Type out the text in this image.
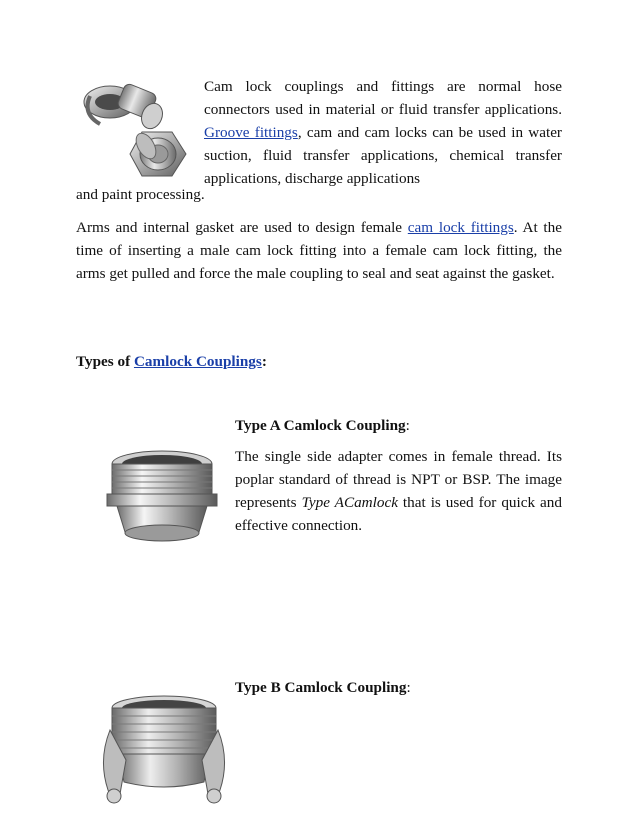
Cam lock couplings and fittings are normal hose connectors used in material or fluid transfer applications. Groove fittings, cam and cam locks can be used in water suction, fluid transfer applications, chemical transfer applications, discharge applications
and paint processing.
Arms and internal gasket are used to design female cam lock fittings. At the time of inserting a male cam lock fitting into a female cam lock fitting, the arms get pulled and force the male coupling to seal and seat against the gasket.
Types of Camlock Couplings:
Type A Camlock Coupling:
The single side adapter comes in female thread. Its poplar standard of thread is NPT or BSP. The image represents Type ACamlock that is used for quick and effective connection.
Type B Camlock Coupling:
